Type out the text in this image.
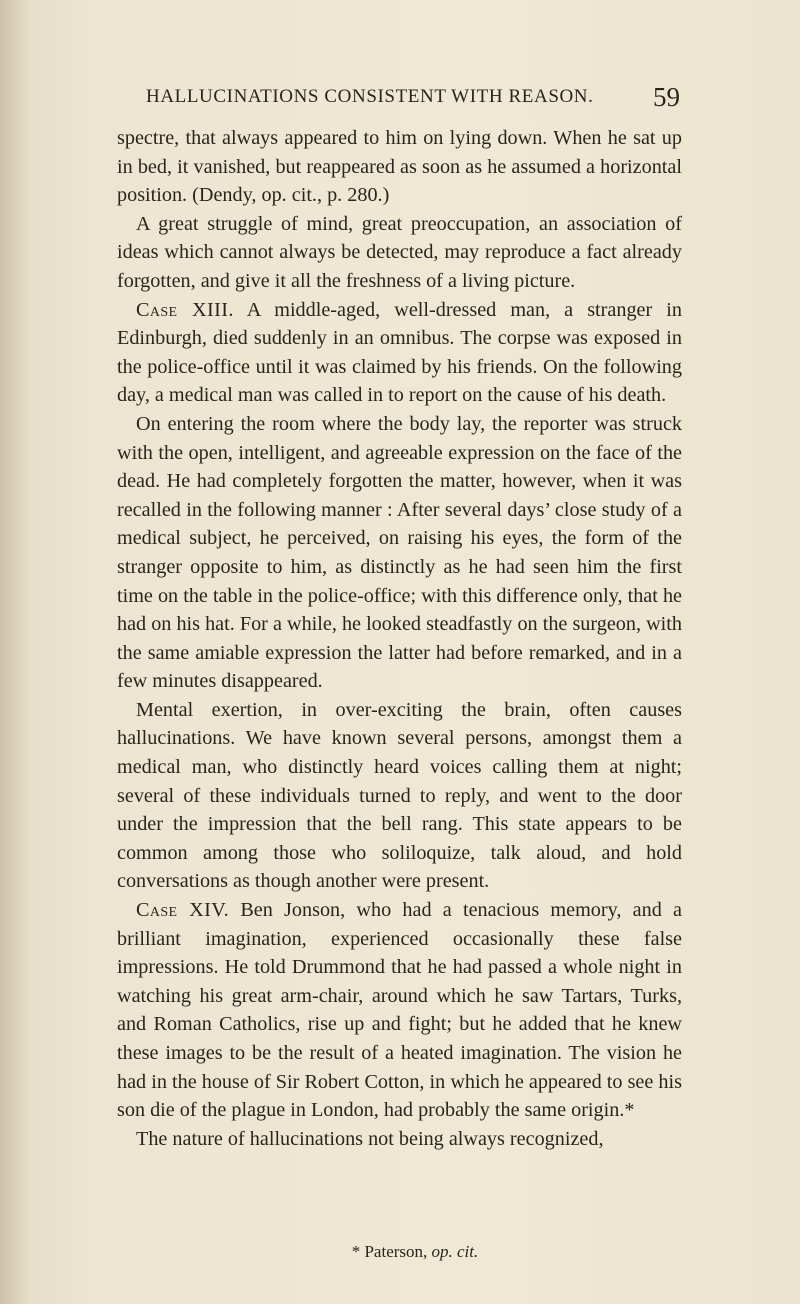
HALLUCINATIONS CONSISTENT WITH REASON. 59

spectre, that always appeared to him on lying down. When he sat up in bed, it vanished, but reappeared as soon as he assumed a horizontal position. (Dendy, op. cit., p. 280.)

A great struggle of mind, great preoccupation, an association of ideas which cannot always be detected, may reproduce a fact already forgotten, and give it all the freshness of a living picture.

Case XIII. A middle-aged, well-dressed man, a stranger in Edinburgh, died suddenly in an omnibus. The corpse was exposed in the police-office until it was claimed by his friends. On the following day, a medical man was called in to report on the cause of his death.

On entering the room where the body lay, the reporter was struck with the open, intelligent, and agreeable expression on the face of the dead. He had completely forgotten the matter, however, when it was recalled in the following manner : After several days’ close study of a medical subject, he perceived, on raising his eyes, the form of the stranger opposite to him, as distinctly as he had seen him the first time on the table in the police-office; with this difference only, that he had on his hat. For a while, he looked steadfastly on the surgeon, with the same amiable expression the latter had before remarked, and in a few minutes disappeared.

Mental exertion, in over-exciting the brain, often causes hallucinations. We have known several persons, amongst them a medical man, who distinctly heard voices calling them at night; several of these individuals turned to reply, and went to the door under the impression that the bell rang. This state appears to be common among those who soliloquize, talk aloud, and hold conversations as though another were present.

Case XIV. Ben Jonson, who had a tenacious memory, and a brilliant imagination, experienced occasionally these false impressions. He told Drummond that he had passed a whole night in watching his great arm-chair, around which he saw Tartars, Turks, and Roman Catholics, rise up and fight; but he added that he knew these images to be the result of a heated imagination. The vision he had in the house of Sir Robert Cotton, in which he appeared to see his son die of the plague in London, had probably the same origin.*

The nature of hallucinations not being always recognized,

* Paterson, op. cit.
